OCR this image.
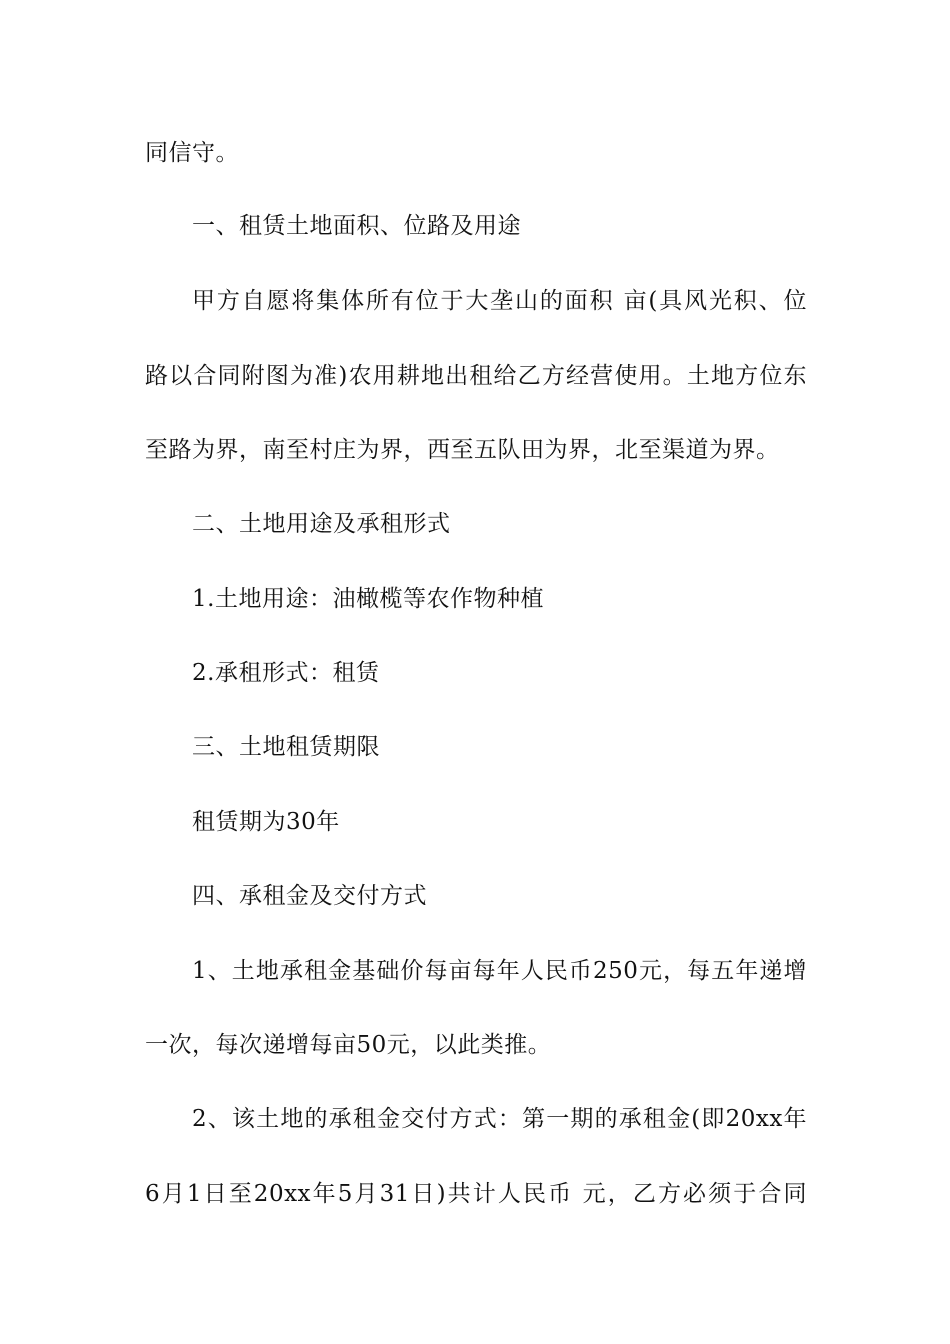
同信守。
一、租赁土地面积、位路及用途
甲方自愿将集体所有位于大垄山的面积 亩(具风光积、位
路以合同附图为准)农用耕地出租给乙方经营使用。土地方位东
至路为界，南至村庄为界，西至五队田为界，北至渠道为界。
二、土地用途及承租形式
1.土地用途：油橄榄等农作物种植
2.承租形式：租赁
三、土地租赁期限
租赁期为30年
四、承租金及交付方式
1、土地承租金基础价每亩每年人民币250元，每五年递增
一次，每次递增每亩50元，以此类推。
2、该土地的承租金交付方式：第一期的承租金(即20xx年
6月1日至20xx年5月31日)共计人民币 元，乙方必须于合同
